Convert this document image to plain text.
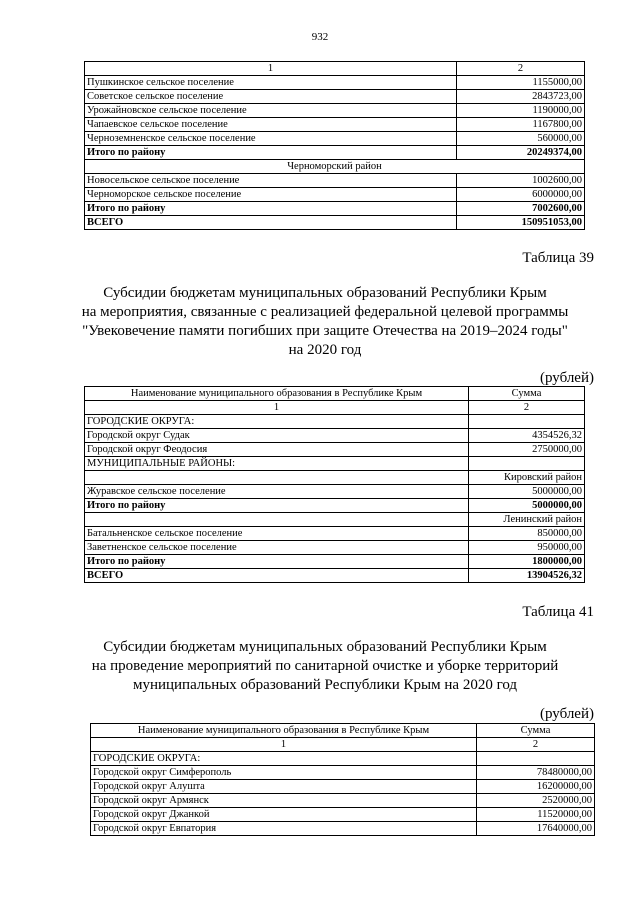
932
1	2
Пушкинское сельское поселение	1155000,00
Советское сельское поселение	2843723,00
Урожайновское сельское поселение	1190000,00
Чапаевское сельское поселение	1167800,00
Черноземненское сельское поселение	560000,00
Итого по району	20249374,00
Черноморский район	
Новосельское сельское поселение	1002600,00
Черноморское сельское поселение	6000000,00
Итого по району	7002600,00
ВСЕГО	150951053,00
Таблица 39
Субсидии бюджетам муниципальных образований Республики Крым
на мероприятия, связанные с реализацией федеральной целевой программы
"Увековечение памяти погибших при защите Отечества на 2019–2024 годы"
на 2020 год
(рублей)
Наименование муниципального образования в Республике Крым	Сумма
1	2
ГОРОДСКИЕ ОКРУГА:	
Городской округ Судак	4354526,32
Городской округ Феодосия	2750000,00
МУНИЦИПАЛЬНЫЕ РАЙОНЫ:	
	Кировский район
Журавское сельское поселение	5000000,00
Итого по району	5000000,00
	Ленинский район
Батальненское сельское поселение	850000,00
Заветненское сельское поселение	950000,00
Итого по району	1800000,00
ВСЕГО	13904526,32
Таблица 41
Субсидии бюджетам муниципальных образований Республики Крым
на проведение мероприятий по санитарной очистке и уборке территорий
муниципальных образований Республики Крым на 2020 год
(рублей)
Наименование муниципального образования в Республике Крым	Сумма
1	2
ГОРОДСКИЕ ОКРУГА:	
Городской округ Симферополь	78480000,00
Городской округ Алушта	16200000,00
Городской округ Армянск	2520000,00
Городской округ Джанкой	11520000,00
Городской округ Евпатория	17640000,00
